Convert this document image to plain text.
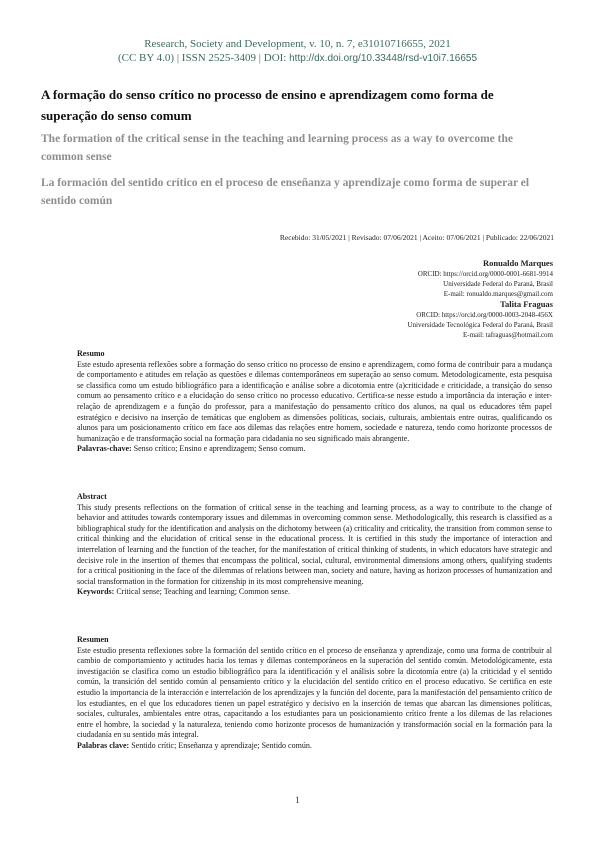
Research, Society and Development, v. 10, n. 7, e31010716655, 2021
(CC BY 4.0) | ISSN 2525-3409 | DOI: http://dx.doi.org/10.33448/rsd-v10i7.16655
A formação do senso crítico no processo de ensino e aprendizagem como forma de superação do senso comum
The formation of the critical sense in the teaching and learning process as a way to overcome the common sense
La formación del sentido crítico en el proceso de enseñanza y aprendizaje como forma de superar el sentido común
Recebido: 31/05/2021 | Revisado: 07/06/2021 | Aceito: 07/06/2021 | Publicado: 22/06/2021
Ronualdo Marques
ORCID: https://orcid.org/0000-0001-6681-9914
Universidade Federal do Paraná, Brasil
E-mail: ronualdo.marques@gmail.com
Talita Fraguas
ORCID: https://orcid.org/0000-0003-2048-456X
Universidade Tecnológica Federal do Paraná, Brasil
E-mail: tafraguas@hotmail.com
Resumo
Este estudo apresenta reflexões sobre a formação do senso crítico no processo de ensino e aprendizagem, como forma de contribuir para a mudança de comportamento e atitudes em relação as questões e dilemas contemporâneos em superação ao senso comum. Metodologicamente, esta pesquisa se classifica como um estudo bibliográfico para a identificação e análise sobre a dicotomia entre (a)criticidade e criticidade, a transição do senso comum ao pensamento crítico e a elucidação do senso crítico no processo educativo. Certifica-se nesse estudo a importância da interação e inter-relação de aprendizagem e a função do professor, para a manifestação do pensamento crítico dos alunos, na qual os educadores têm papel estratégico e decisivo na inserção de temáticas que englobem as dimensões políticas, sociais, culturais, ambientais entre outras, qualificando os alunos para um posicionamento crítico em face aos dilemas das relações entre homem, sociedade e natureza, tendo como horizonte processos de humanização e de transformação social na formação para cidadania no seu significado mais abrangente.
Palavras-chave: Senso crítico; Ensino e aprendizagem; Senso comum.
Abstract
This study presents reflections on the formation of critical sense in the teaching and learning process, as a way to contribute to the change of behavior and attitudes towards contemporary issues and dilemmas in overcoming common sense. Methodologically, this research is classified as a bibliographical study for the identification and analysis on the dichotomy between (a) criticality and criticality, the transition from common sense to critical thinking and the elucidation of critical sense in the educational process. It is certified in this study the importance of interaction and interrelation of learning and the function of the teacher, for the manifestation of critical thinking of students, in which educators have strategic and decisive role in the insertion of themes that encompass the political, social, cultural, environmental dimensions among others, qualifying students for a critical positioning in the face of the dilemmas of relations between man, society and nature, having as horizon processes of humanization and social transformation in the formation for citizenship in its most comprehensive meaning.
Keywords: Critical sense; Teaching and learning; Common sense.
Resumen
Este estudio presenta reflexiones sobre la formación del sentido crítico en el proceso de enseñanza y aprendizaje, como una forma de contribuir al cambio de comportamiento y actitudes hacia los temas y dilemas contemporáneos en la superación del sentido común. Metodológicamente, esta investigación se clasifica como un estudio bibliográfico para la identificación y el análisis sobre la dicotomía entre (a) la criticidad y el sentido común, la transición del sentido común al pensamiento crítico y la elucidación del sentido crítico en el proceso educativo. Se certifica en este estudio la importancia de la interacción e interrelación de los aprendizajes y la función del docente, para la manifestación del pensamiento crítico de los estudiantes, en el que los educadores tienen un papel estratégico y decisivo en la inserción de temas que abarcan las dimensiones políticas, sociales, culturales, ambientales entre otras, capacitando a los estudiantes para un posicionamiento crítico frente a los dilemas de las relaciones entre el hombre, la sociedad y la naturaleza, teniendo como horizonte procesos de humanización y transformación social en la formación para la ciudadanía en su sentido más integral.
Palabras clave: Sentido crític; Enseñanza y aprendizaje; Sentido común.
1
